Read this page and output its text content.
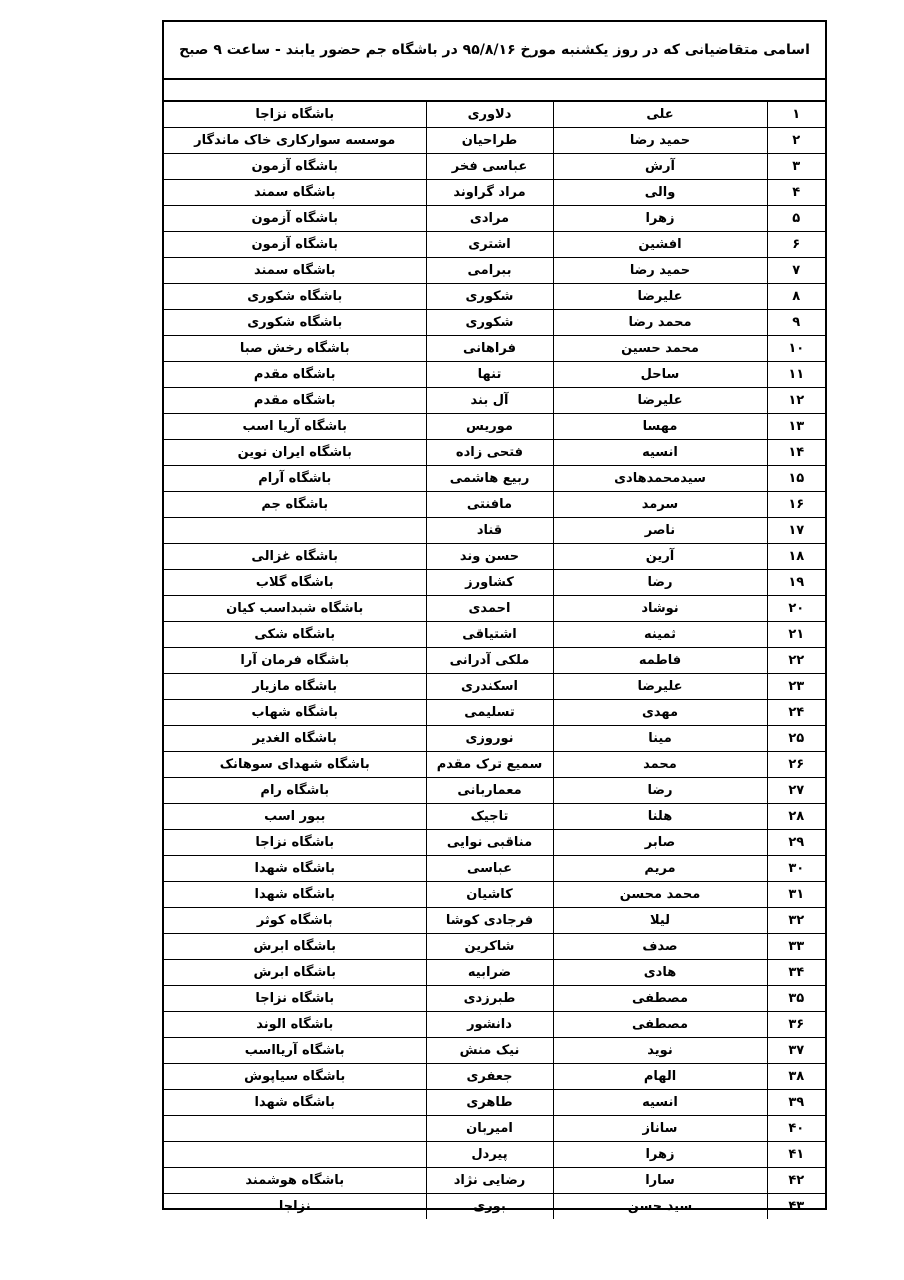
اسامی متقاضیانی که در روز یکشنبه مورخ ۹۵/۸/۱۶ در باشگاه جم حضور یابند - ساعت ۹ صبح
۱	علی	دلاوری	باشگاه نزاجا
۲	حمید رضا	طراحیان	موسسه سوارکاری خاک ماندگار
۳	آرش	عباسی فخر	باشگاه آزمون
۴	والی	مراد گراوند	باشگاه سمند
۵	زهرا	مرادی	باشگاه آزمون
۶	افشین	اشتری	باشگاه آزمون
۷	حمید رضا	ببرامی	باشگاه سمند
۸	علیرضا	شکوری	باشگاه شکوری
۹	محمد رضا	شکوری	باشگاه شکوری
۱۰	محمد حسین	فراهانی	باشگاه رخش صبا
۱۱	ساحل	تنها	باشگاه مقدم
۱۲	علیرضا	آل بند	باشگاه مقدم
۱۳	مهسا	موریس	باشگاه آریا اسب
۱۴	انسیه	فتحی زاده	باشگاه ایران نوین
۱۵	سیدمحمدهادی	ربیع هاشمی	باشگاه آرام
۱۶	سرمد	مافنتی	باشگاه جم
۱۷	ناصر	قناد	
۱۸	آرین	حسن وند	باشگاه غزالی
۱۹	رضا	کشاورز	باشگاه گلاب
۲۰	نوشاد	احمدی	باشگاه شبداسب کیان
۲۱	ثمینه	اشتیاقی	باشگاه شکی
۲۲	فاطمه	ملکی آدرانی	باشگاه فرمان آرا
۲۳	علیرضا	اسکندری	باشگاه مازیار
۲۴	مهدی	تسلیمی	باشگاه شهاب
۲۵	مینا	نوروزی	باشگاه الغدیر
۲۶	محمد	سمیع ترک مقدم	باشگاه شهدای سوهانک
۲۷	رضا	معماربانی	باشگاه رام
۲۸	هلنا	تاجیک	ببور اسب
۲۹	صابر	مناقبی نوایی	باشگاه نزاجا
۳۰	مریم	عباسی	باشگاه شهدا
۳۱	محمد محسن	کاشیان	باشگاه شهدا
۳۲	لیلا	فرجادی کوشا	باشگاه کوثر
۳۳	صدف	شاکرین	باشگاه ابرش
۳۴	هادی	ضرابیه	باشگاه ابرش
۳۵	مصطفی	طبرزدی	باشگاه نزاجا
۳۶	مصطفی	دانشور	باشگاه الوند
۳۷	نوید	نیک منش	باشگاه آریااسب
۳۸	الهام	جعفری	باشگاه سیاپوش
۳۹	انسیه	طاهری	باشگاه شهدا
۴۰	ساناز	امیربان	
۴۱	زهرا	پیردل	
۴۲	سارا	رضایی نژاد	باشگاه هوشمند
۴۳	سید حسن	بوری	نزاجا
